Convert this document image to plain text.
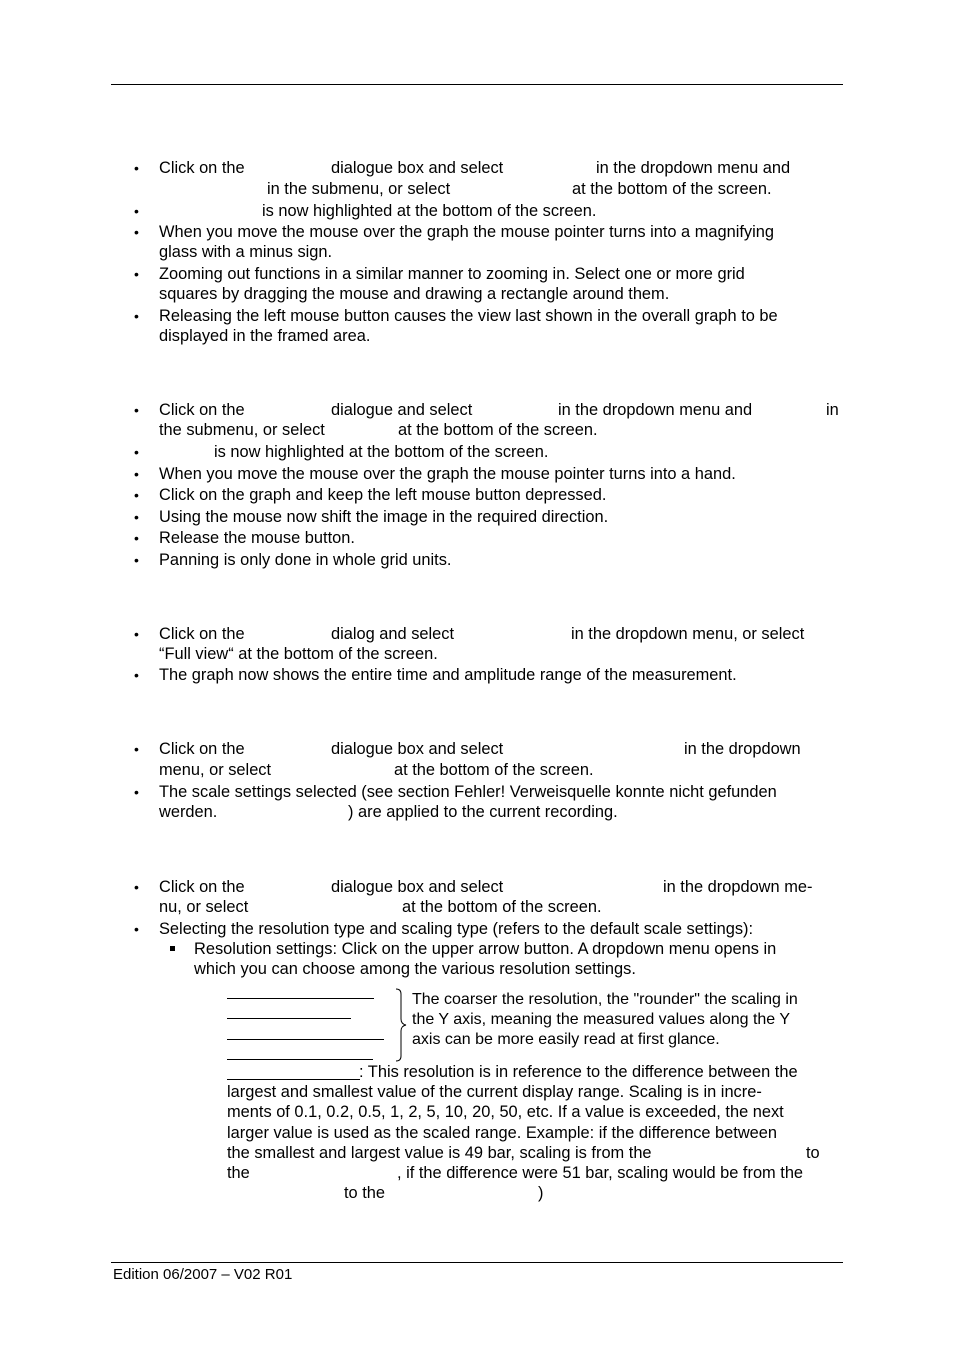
• Click on the	dialogue box and select	in the dropdown menu and
in the submenu, or select	at the bottom of the screen.
•	is now highlighted at the bottom of the screen.
• When you move the mouse over the graph the mouse pointer turns into a magnifying
glass with a minus sign.
• Zooming out functions in a similar manner to zooming in. Select one or more grid
squares by dragging the mouse and drawing a rectangle around them.
• Releasing the left mouse button causes the view last shown in the overall graph to be
displayed in the framed area.
• Click on the	dialogue and select	in the dropdown menu and	in
the submenu, or select	at the bottom of the screen.
•	is now highlighted at the bottom of the screen.
• When you move the mouse over the graph the mouse pointer turns into a hand.
• Click on the graph and keep the left mouse button depressed.
• Using the mouse now shift the image in the required direction.
• Release the mouse button.
• Panning is only done in whole grid units.
• Click on the	dialog and select	in the dropdown menu, or select
“Full view“ at the bottom of the screen.
• The graph now shows the entire time and amplitude range of the measurement.
• Click on the	dialogue box and select	in the dropdown
menu, or select	at the bottom of the screen.
• The scale settings selected (see section Fehler! Verweisquelle konnte nicht gefunden
werden.	) are applied to the current recording.
• Click on the	dialogue box and select	in the dropdown me-
nu, or select	at the bottom of the screen.
• Selecting the resolution type and scaling type (refers to the default scale settings):
Resolution settings: Click on the upper arrow button. A dropdown menu opens in
which you can choose among the various resolution settings.
The coarser the resolution, the "rounder" the scaling in
the Y axis, meaning the measured values along the Y
axis can be more easily read at first glance.
: This resolution is in reference to the difference between the
largest and smallest value of the current display range. Scaling is in incre-
ments of 0.1, 0.2, 0.5, 1, 2, 5, 10, 20, 50, etc. If a value is exceeded, the next
larger value is used as the scaled range. Example: if the difference between
the smallest and largest value is 49 bar, scaling is from the	to
the	, if the difference were 51 bar, scaling would be from the
to the	)
Edition 06/2007 – V02 R01
